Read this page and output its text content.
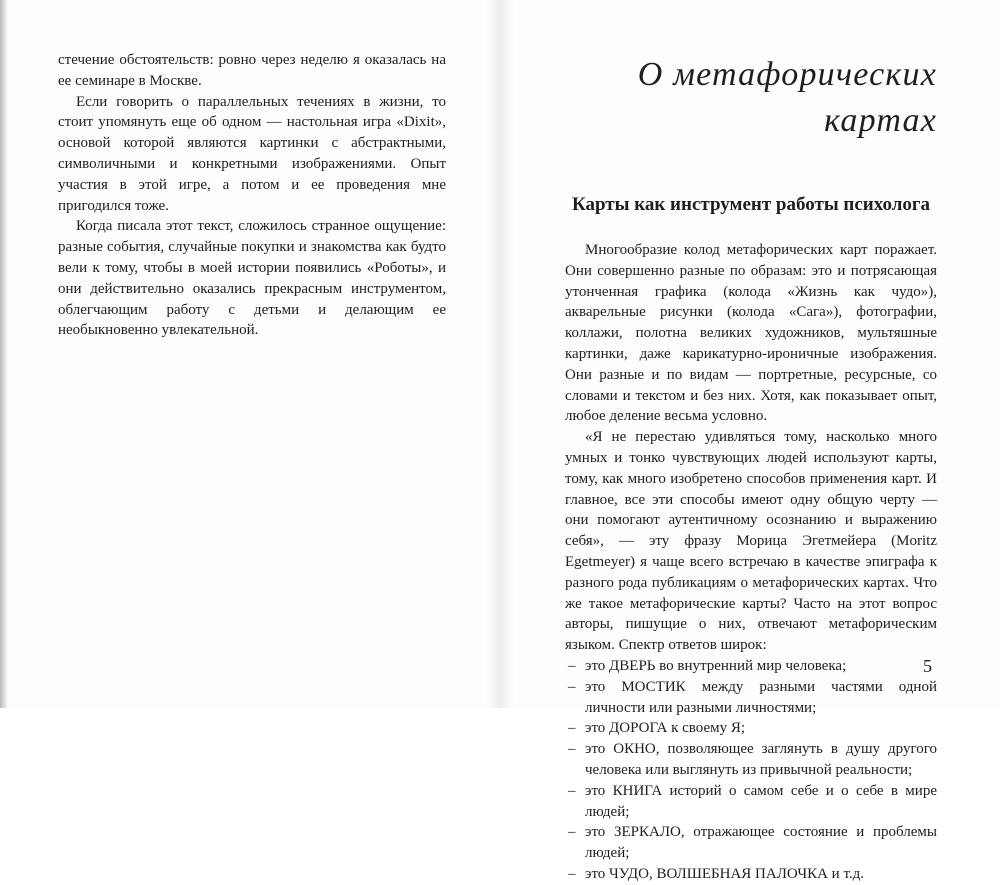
стечение обстоятельств: ровно через неделю я оказалась на ее семинаре в Москве.

Если говорить о параллельных течениях в жизни, то стоит упомянуть еще об одном — настольная игра «Dixit», основой которой являются картинки с абстрактными, символичными и конкретными изображениями. Опыт участия в этой игре, а потом и ее проведения мне пригодился тоже.

Когда писала этот текст, сложилось странное ощущение: разные события, случайные покупки и знакомства как будто вели к тому, чтобы в моей истории появились «Роботы», и они действительно оказались прекрасным инструментом, облегчающим работу с детьми и делающим ее необыкновенно увлекательной.

О метафорических картах
Карты как инструмент работы психолога

Многообразие колод метафорических карт поражает. Они совершенно разные по образам: это и потрясающая утонченная графика (колода «Жизнь как чудо»), акварельные рисунки (колода «Сага»), фотографии, коллажи, полотна великих художников, мультяшные картинки, даже карикатурно-ироничные изображения. Они разные и по видам — портретные, ресурсные, со словами и текстом и без них. Хотя, как показывает опыт, любое деление весьма условно.

«Я не перестаю удивляться тому, насколько много умных и тонко чувствующих людей используют карты, тому, как много изобретено способов применения карт. И главное, все эти способы имеют одну общую черту — они помогают аутентичному осознанию и выражению себя», — эту фразу Морица Эгетмейера (Moritz Egetmeyer) я чаще всего встречаю в качестве эпиграфа к разного рода публикациям о метафорических картах. Что же такое метафорические карты? Часто на этот вопрос авторы, пишущие о них, отвечают метафорическим языком. Спектр ответов широк:

– это ДВЕРЬ во внутренний мир человека;
– это МОСТИК между разными частями одной личности или разными личностями;
– это ДОРОГА к своему Я;
– это ОКНО, позволяющее заглянуть в душу другого человека или выглянуть из привычной реальности;
– это КНИГА историй о самом себе и о себе в мире людей;
– это ЗЕРКАЛО, отражающее состояние и проблемы людей;
– это ЧУДО, ВОЛШЕБНАЯ ПАЛОЧКА и т.д.
5
